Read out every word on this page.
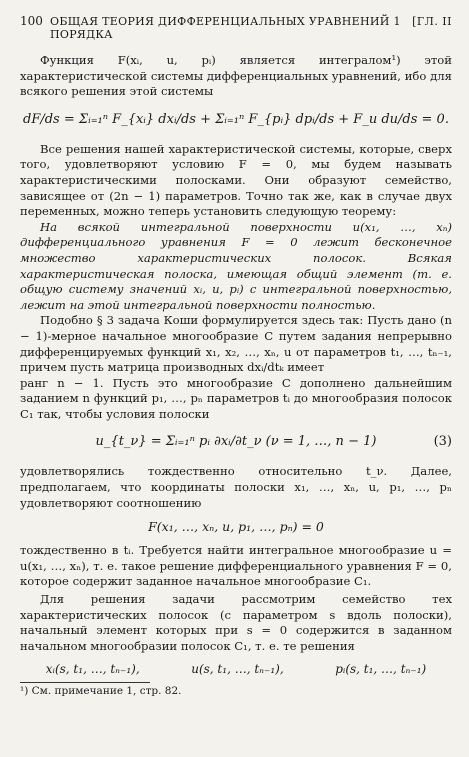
100 ОБЩАЯ ТЕОРИЯ ДИФФЕРЕНЦИАЛЬНЫХ УРАВНЕНИЙ 1 ПОРЯДКА
[ГЛ. II

Функция F(xᵢ, u, pᵢ) является интегралом¹) этой характеристической системы дифференциальных уравнений, ибо для всякого решения этой системы

dF/ds = Σᵢ₌₁ⁿ F_{xᵢ} dxᵢ/ds + Σᵢ₌₁ⁿ F_{pᵢ} dpᵢ/ds + F_u du/ds = 0.

Все решения нашей характеристической системы, которые, сверх того, удовлетворяют условию F = 0, мы будем называть характеристическими полосками. Они образуют семейство, зависящее от (2n − 1) параметров. Точно так же, как в случае двух переменных, можно теперь установить следующую теорему:

На всякой интегральной поверхности u(x₁, …, xₙ) дифференциального уравнения F = 0 лежит бесконечное множество характеристических полосок. Всякая характеристическая полоска, имеющая общий элемент (т. е. общую систему значений xᵢ, u, pᵢ) с интегральной поверхностью, лежит на этой интегральной поверхности полностью.

Подобно § 3 задача Коши формулируется здесь так: Пусть дано (n − 1)-мерное начальное многообразие C путем задания непрерывно дифференцируемых функций x₁, x₂, …, xₙ, u от параметров t₁, …, tₙ₋₁, причем пусть матрица производных dxᵢ/dtₖ имеет

ранг n − 1. Пусть это многообразие C дополнено дальнейшим заданием n функций p₁, …, pₙ параметров tᵢ до многообразия полосок C₁ так, чтобы условия полоски

u_{t_ν} = Σᵢ₌₁ⁿ pᵢ ∂xᵢ/∂t_ν (ν = 1, …, n − 1)	(3)

удовлетворялись тождественно относительно t_ν. Далее, предполагаем, что координаты полоски x₁, …, xₙ, u, p₁, …, pₙ удовлетворяют соотношению

F(x₁, …, xₙ, u, p₁, …, pₙ) = 0

тождественно в tᵢ. Требуется найти интегральное многообразие u = u(x₁, …, xₙ), т. е. такое решение дифференциального уравнения F = 0, которое содержит заданное начальное многообразие C₁.

Для решения задачи рассмотрим семейство тех характеристических полосок (с параметром s вдоль полоски), начальный элемент которых при s = 0 содержится в заданном начальном многообразии полосок C₁, т. е. те решения

xᵢ(s, t₁, …, tₙ₋₁),	u(s, t₁, …, tₙ₋₁),	pᵢ(s, t₁, …, tₙ₋₁)
¹) См. примечание 1, стр. 82.
